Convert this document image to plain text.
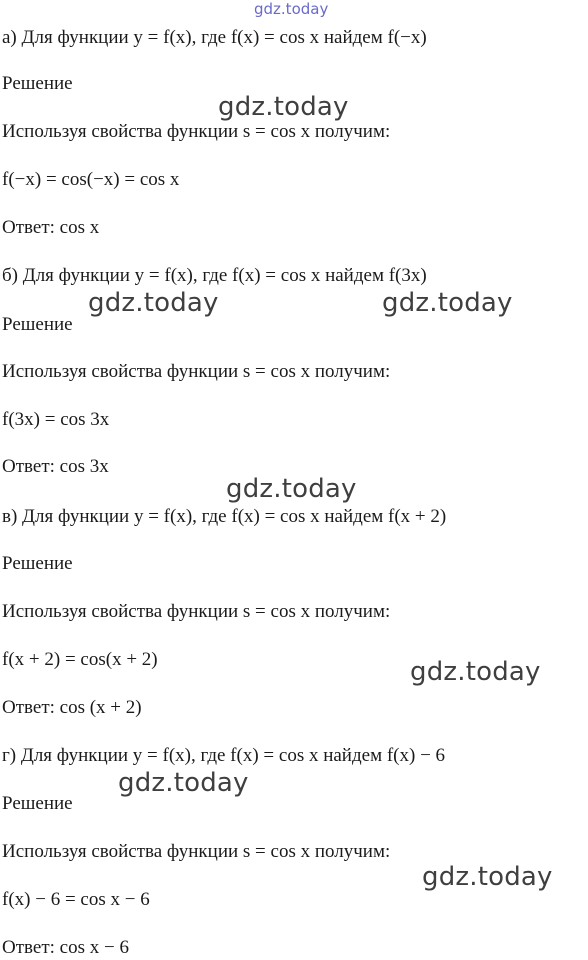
gdz.today
а) Для функции y = f(x), где f(x) = cos x найдем f(−x)
Решение
Используя свойства функции s = cos x получим:
f(−x) = cos(−x) = cos x
Ответ: cos x
б) Для функции y = f(x), где f(x) = cos x найдем f(3x)
Решение
Используя свойства функции s = cos x получим:
f(3x) = cos 3x
Ответ: cos 3x
в) Для функции y = f(x), где f(x) = cos x найдем f(x + 2)
Решение
Используя свойства функции s = cos x получим:
f(x + 2) = cos(x + 2)
Ответ: cos (x + 2)
г) Для функции y = f(x), где f(x) = cos x найдем f(x) − 6
Решение
Используя свойства функции s = cos x получим:
f(x) − 6 = cos x − 6
Ответ: cos x − 6
gdz.today
gdz.today	gdz.today
gdz.today
gdz.today
gdz.today
gdz.today
